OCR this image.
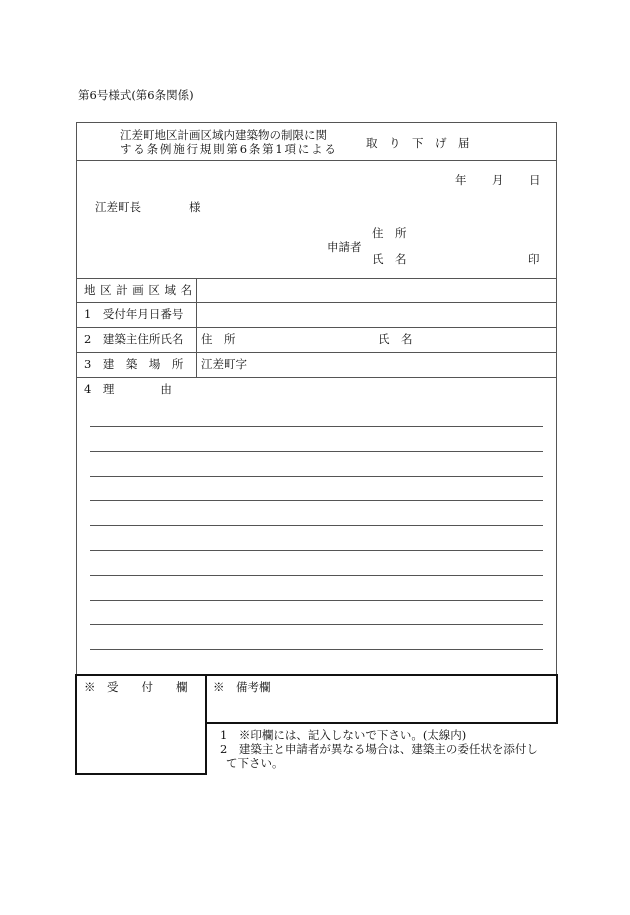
第6号様式(第6条関係)
江差町地区計画区域内建築物の制限に関
する条例施行規則第6条第1項による 取　り　下　げ　届
年 月 日
江差町長	様
申請者
住　所
氏　名	印
地区計画区域名
1　受付年月日番号
2　建築主住所氏名 住　所	氏　名
3　建　築　場　所 江差町字
4　理　　　　由
※　受　　付　　欄 ※　備考欄
1　※印欄には、記入しないで下さい。(太線内)
2　建築主と申請者が異なる場合は、建築主の委任状を添付し
て下さい。
